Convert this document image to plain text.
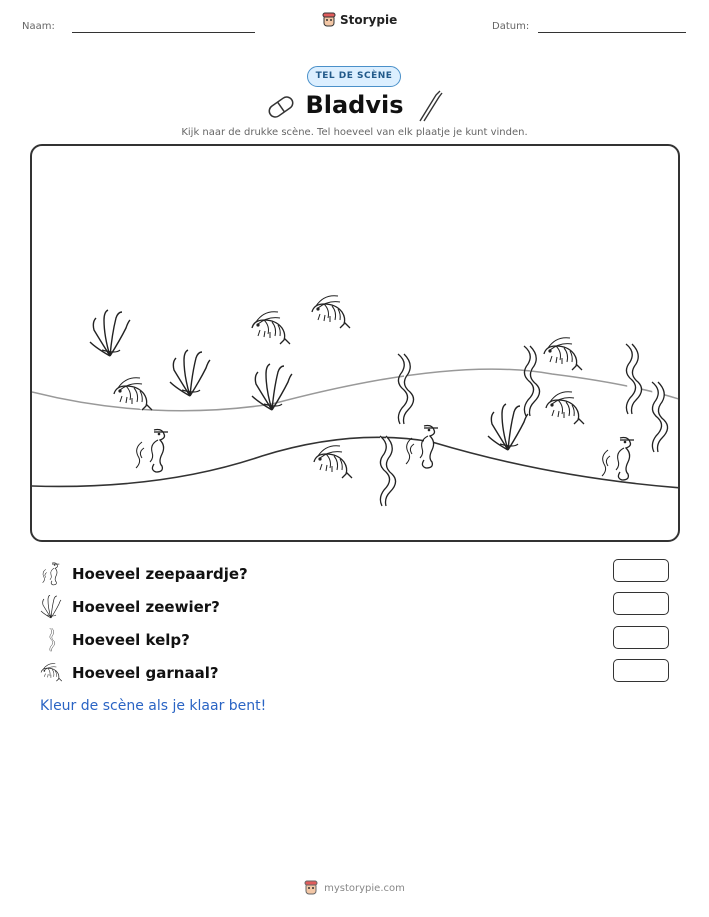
Naam:	Storypie	Datum:
TEL DE SCÈNE
Bladvis
Kijk naar de drukke scène. Tel hoeveel van elk plaatje je kunt vinden.
Hoeveel zeepaardje?
Hoeveel zeewier?
Hoeveel kelp?
Hoeveel garnaal?
Kleur de scène als je klaar bent!
mystorypie.com
